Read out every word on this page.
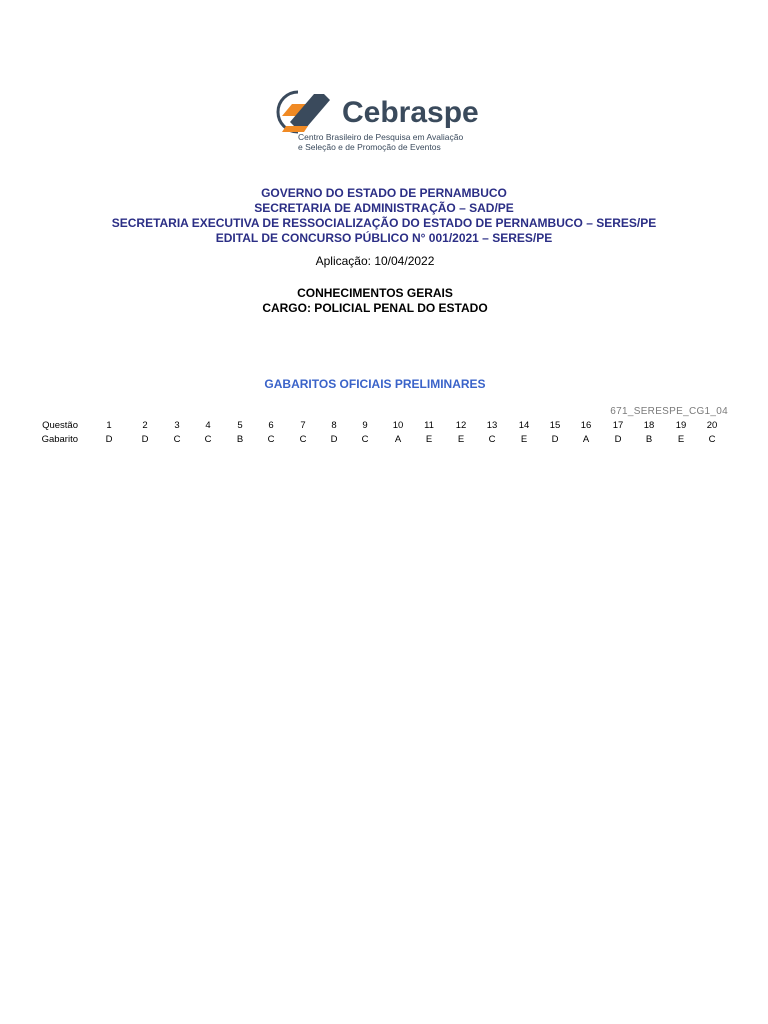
Cebraspe
Centro Brasileiro de Pesquisa em Avaliação
e Seleção e de Promoção de Eventos
GOVERNO DO ESTADO DE PERNAMBUCO
SECRETARIA DE ADMINISTRAÇÃO – SAD/PE
SECRETARIA EXECUTIVA DE RESSOCIALIZAÇÃO DO ESTADO DE PERNAMBUCO – SERES/PE
EDITAL DE CONCURSO PÚBLICO N° 001/2021 – SERES/PE
Aplicação: 10/04/2022
CONHECIMENTOS GERAIS
CARGO: POLICIAL PENAL DO ESTADO
GABARITOS OFICIAIS PRELIMINARES
671_SERESPE_CG1_04
Questão	1	2	3	4	5	6	7	8	9	10	11	12	13	14	15	16	17	18	19	20
Gabarito	D	D	C	C	B	C	C	D	C	A	E	E	C	E	D	A	D	B	E	C
